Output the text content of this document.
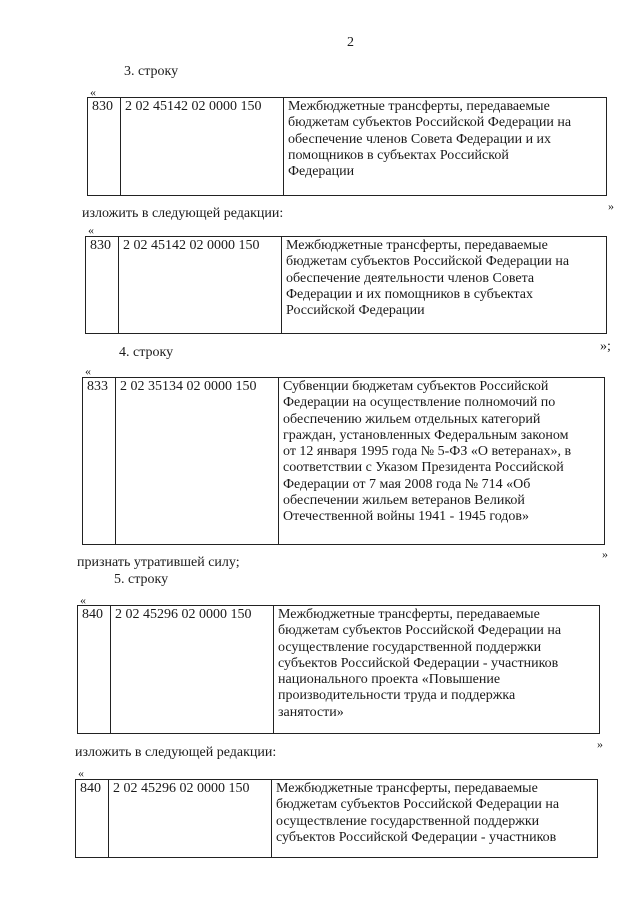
2
3. строку
«
830	2 02 45142 02 0000 150	Межбюджетные трансферты, передаваемые
бюджетам субъектов Российской Федерации на
обеспечение членов Совета Федерации и их
помощников в субъектах Российской
Федерации
»
изложить в следующей редакции:
«
830	2 02 45142 02 0000 150	Межбюджетные трансферты, передаваемые
бюджетам субъектов Российской Федерации на
обеспечение деятельности членов Совета
Федерации и их помощников в субъектах
Российской Федерации
»;
4. строку
«
833	2 02 35134 02 0000 150	Субвенции бюджетам субъектов Российской
Федерации на осуществление полномочий по
обеспечению жильем отдельных категорий
граждан, установленных Федеральным законом
от 12 января 1995 года № 5-ФЗ «О ветеранах», в
соответствии с Указом Президента Российской
Федерации от 7 мая 2008 года № 714 «Об
обеспечении жильем ветеранов Великой
Отечественной войны 1941 - 1945 годов»
»
признать утратившей силу;
5. строку
«
840	2 02 45296 02 0000 150	Межбюджетные трансферты, передаваемые
бюджетам субъектов Российской Федерации на
осуществление государственной поддержки
субъектов Российской Федерации - участников
национального проекта «Повышение
производительности труда и поддержка
занятости»
»
изложить в следующей редакции:
«
840	2 02 45296 02 0000 150	Межбюджетные трансферты, передаваемые
бюджетам субъектов Российской Федерации на
осуществление государственной поддержки
субъектов Российской Федерации - участников
